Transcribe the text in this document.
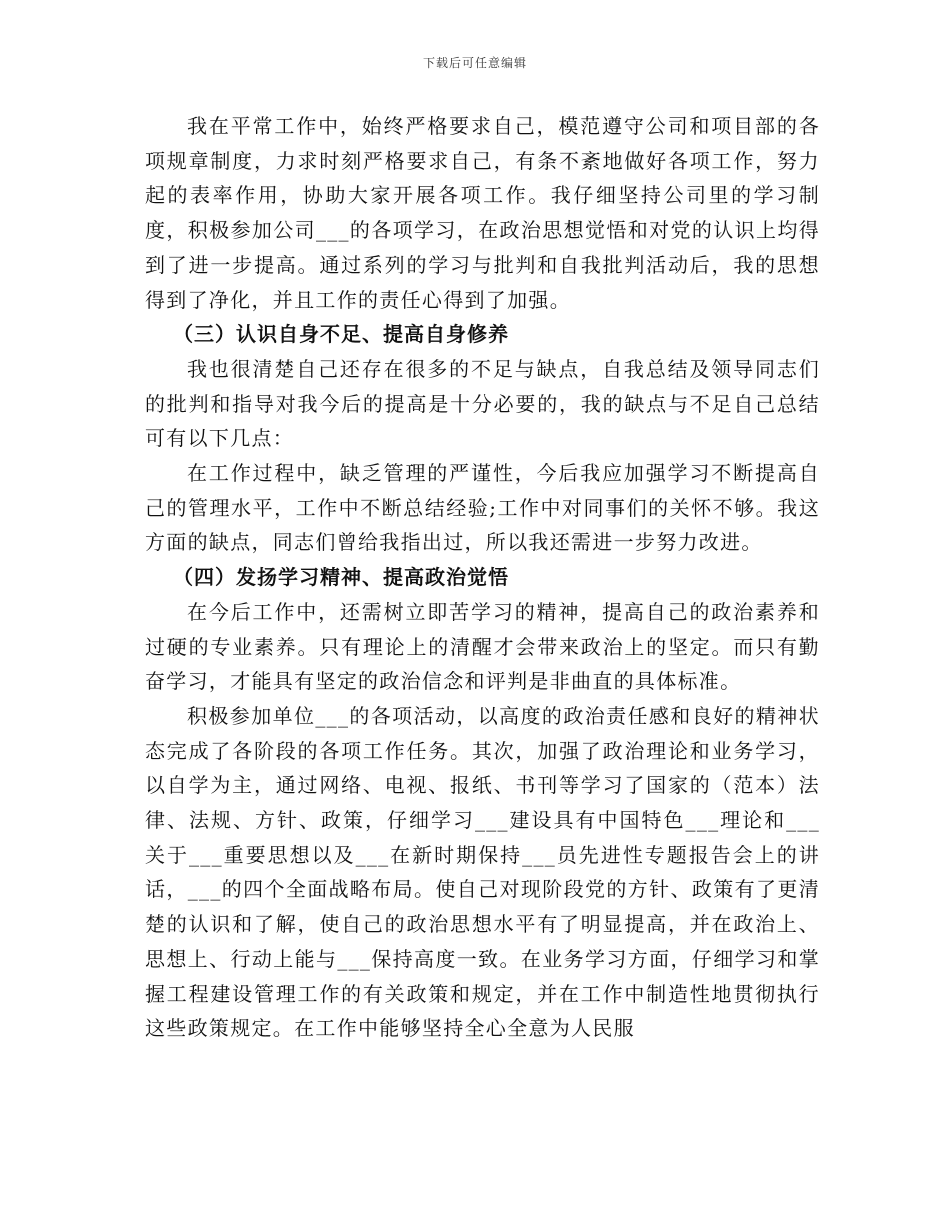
下载后可任意编辑

我在平常工作中，始终严格要求自己，模范遵守公司和项目部的各项规章制度，力求时刻严格要求自己，有条不紊地做好各项工作，努力起的表率作用，协助大家开展各项工作。我仔细坚持公司里的学习制度，积极参加公司___的各项学习，在政治思想觉悟和对党的认识上均得到了进一步提高。通过系列的学习与批判和自我批判活动后，我的思想得到了净化，并且工作的责任心得到了加强。

（三）认识自身不足、提高自身修养

我也很清楚自己还存在很多的不足与缺点，自我总结及领导同志们的批判和指导对我今后的提高是十分必要的，我的缺点与不足自己总结可有以下几点：

在工作过程中，缺乏管理的严谨性，今后我应加强学习不断提高自己的管理水平，工作中不断总结经验;工作中对同事们的关怀不够。我这方面的缺点，同志们曾给我指出过，所以我还需进一步努力改进。

（四）发扬学习精神、提高政治觉悟

在今后工作中，还需树立即苦学习的精神，提高自己的政治素养和过硬的专业素养。只有理论上的清醒才会带来政治上的坚定。而只有勤奋学习，才能具有坚定的政治信念和评判是非曲直的具体标准。

积极参加单位___的各项活动，以高度的政治责任感和良好的精神状态完成了各阶段的各项工作任务。其次，加强了政治理论和业务学习，以自学为主，通过网络、电视、报纸、书刊等学习了国家的（范本）法律、法规、方针、政策，仔细学习___建设具有中国特色___理论和___关于___重要思想以及___在新时期保持___员先进性专题报告会上的讲话，___的四个全面战略布局。使自己对现阶段党的方针、政策有了更清楚的认识和了解，使自己的政治思想水平有了明显提高，并在政治上、思想上、行动上能与___保持高度一致。在业务学习方面，仔细学习和掌握工程建设管理工作的有关政策和规定，并在工作中制造性地贯彻执行这些政策规定。在工作中能够坚持全心全意为人民服
